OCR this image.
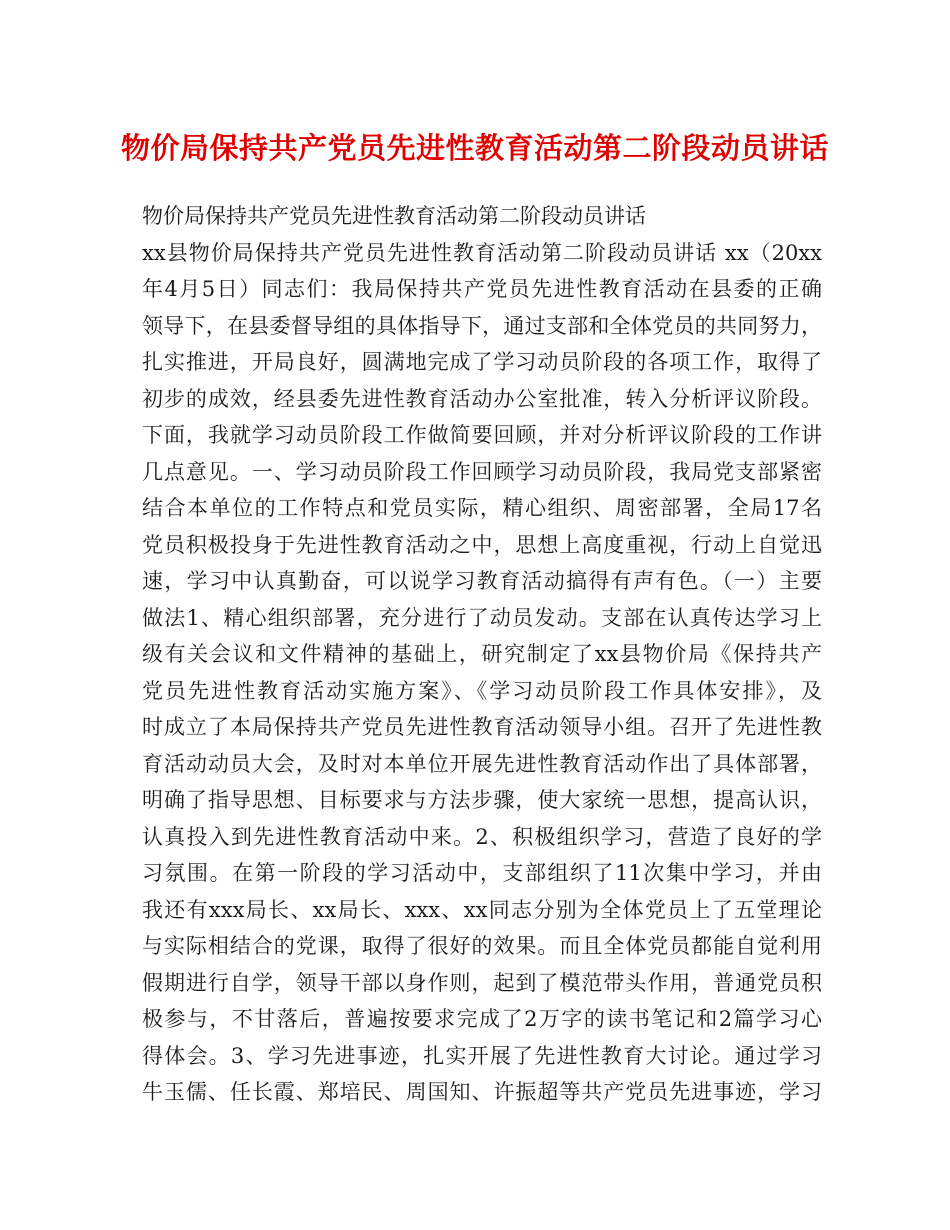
物价局保持共产党员先进性教育活动第二阶段动员讲话
物价局保持共产党员先进性教育活动第二阶段动员讲话
xx县物价局保持共产党员先进性教育活动第二阶段动员讲话 xx（20xx
年4月5日）同志们：我局保持共产党员先进性教育活动在县委的正确
领导下，在县委督导组的具体指导下，通过支部和全体党员的共同努力，
扎实推进，开局良好，圆满地完成了学习动员阶段的各项工作，取得了
初步的成效，经县委先进性教育活动办公室批准，转入分析评议阶段。
下面，我就学习动员阶段工作做简要回顾，并对分析评议阶段的工作讲
几点意见。一、学习动员阶段工作回顾学习动员阶段，我局党支部紧密
结合本单位的工作特点和党员实际，精心组织、周密部署，全局17名
党员积极投身于先进性教育活动之中，思想上高度重视，行动上自觉迅
速，学习中认真勤奋，可以说学习教育活动搞得有声有色。（一）主要
做法1、精心组织部署，充分进行了动员发动。支部在认真传达学习上
级有关会议和文件精神的基础上，研究制定了xx县物价局《保持共产
党员先进性教育活动实施方案》、《学习动员阶段工作具体安排》，及
时成立了本局保持共产党员先进性教育活动领导小组。召开了先进性教
育活动动员大会，及时对本单位开展先进性教育活动作出了具体部署，
明确了指导思想、目标要求与方法步骤，使大家统一思想，提高认识，
认真投入到先进性教育活动中来。2、积极组织学习，营造了良好的学
习氛围。在第一阶段的学习活动中，支部组织了11次集中学习，并由
我还有xxx局长、xx局长、xxx、xx同志分别为全体党员上了五堂理论
与实际相结合的党课，取得了很好的效果。而且全体党员都能自觉利用
假期进行自学，领导干部以身作则，起到了模范带头作用，普通党员积
极参与，不甘落后，普遍按要求完成了2万字的读书笔记和2篇学习心
得体会。3、学习先进事迹，扎实开展了先进性教育大讨论。通过学习
牛玉儒、任长霞、郑培民、周国知、许振超等共产党员先进事迹，学习
